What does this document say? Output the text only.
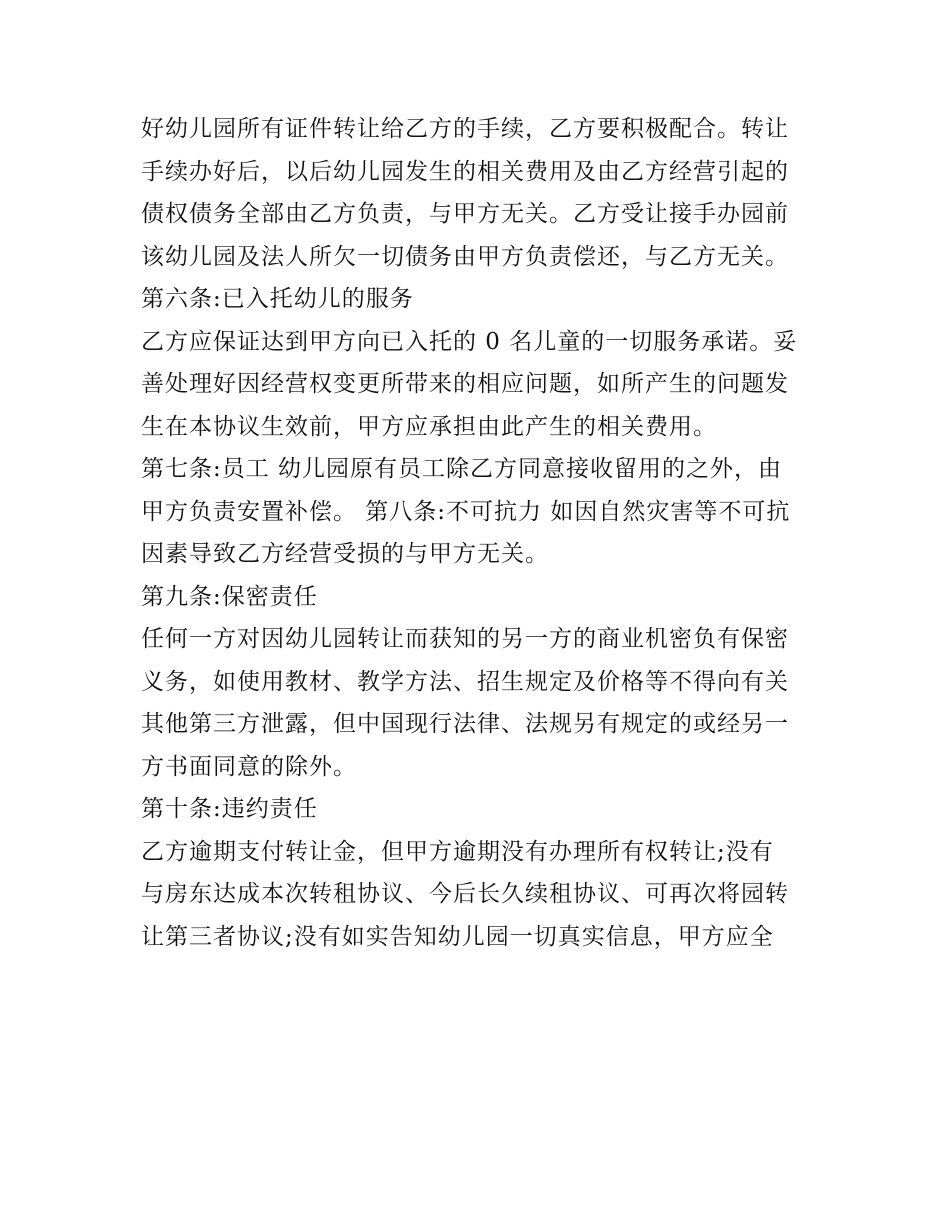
好幼儿园所有证件转让给乙方的手续，乙方要积极配合。转让
手续办好后，以后幼儿园发生的相关费用及由乙方经营引起的
债权债务全部由乙方负责，与甲方无关。乙方受让接手办园前
该幼儿园及法人所欠一切债务由甲方负责偿还，与乙方无关。
第六条:已入托幼儿的服务
乙方应保证达到甲方向已入托的 0 名儿童的一切服务承诺。妥
善处理好因经营权变更所带来的相应问题，如所产生的问题发
生在本协议生效前，甲方应承担由此产生的相关费用。
第七条:员工 幼儿园原有员工除乙方同意接收留用的之外，由
甲方负责安置补偿。 第八条:不可抗力 如因自然灾害等不可抗
因素导致乙方经营受损的与甲方无关。
第九条:保密责任
任何一方对因幼儿园转让而获知的另一方的商业机密负有保密
义务，如使用教材、教学方法、招生规定及价格等不得向有关
其他第三方泄露，但中国现行法律、法规另有规定的或经另一
方书面同意的除外。
第十条:违约责任
乙方逾期支付转让金，但甲方逾期没有办理所有权转让;没有
与房东达成本次转租协议、今后长久续租协议、可再次将园转
让第三者协议;没有如实告知幼儿园一切真实信息，甲方应全
